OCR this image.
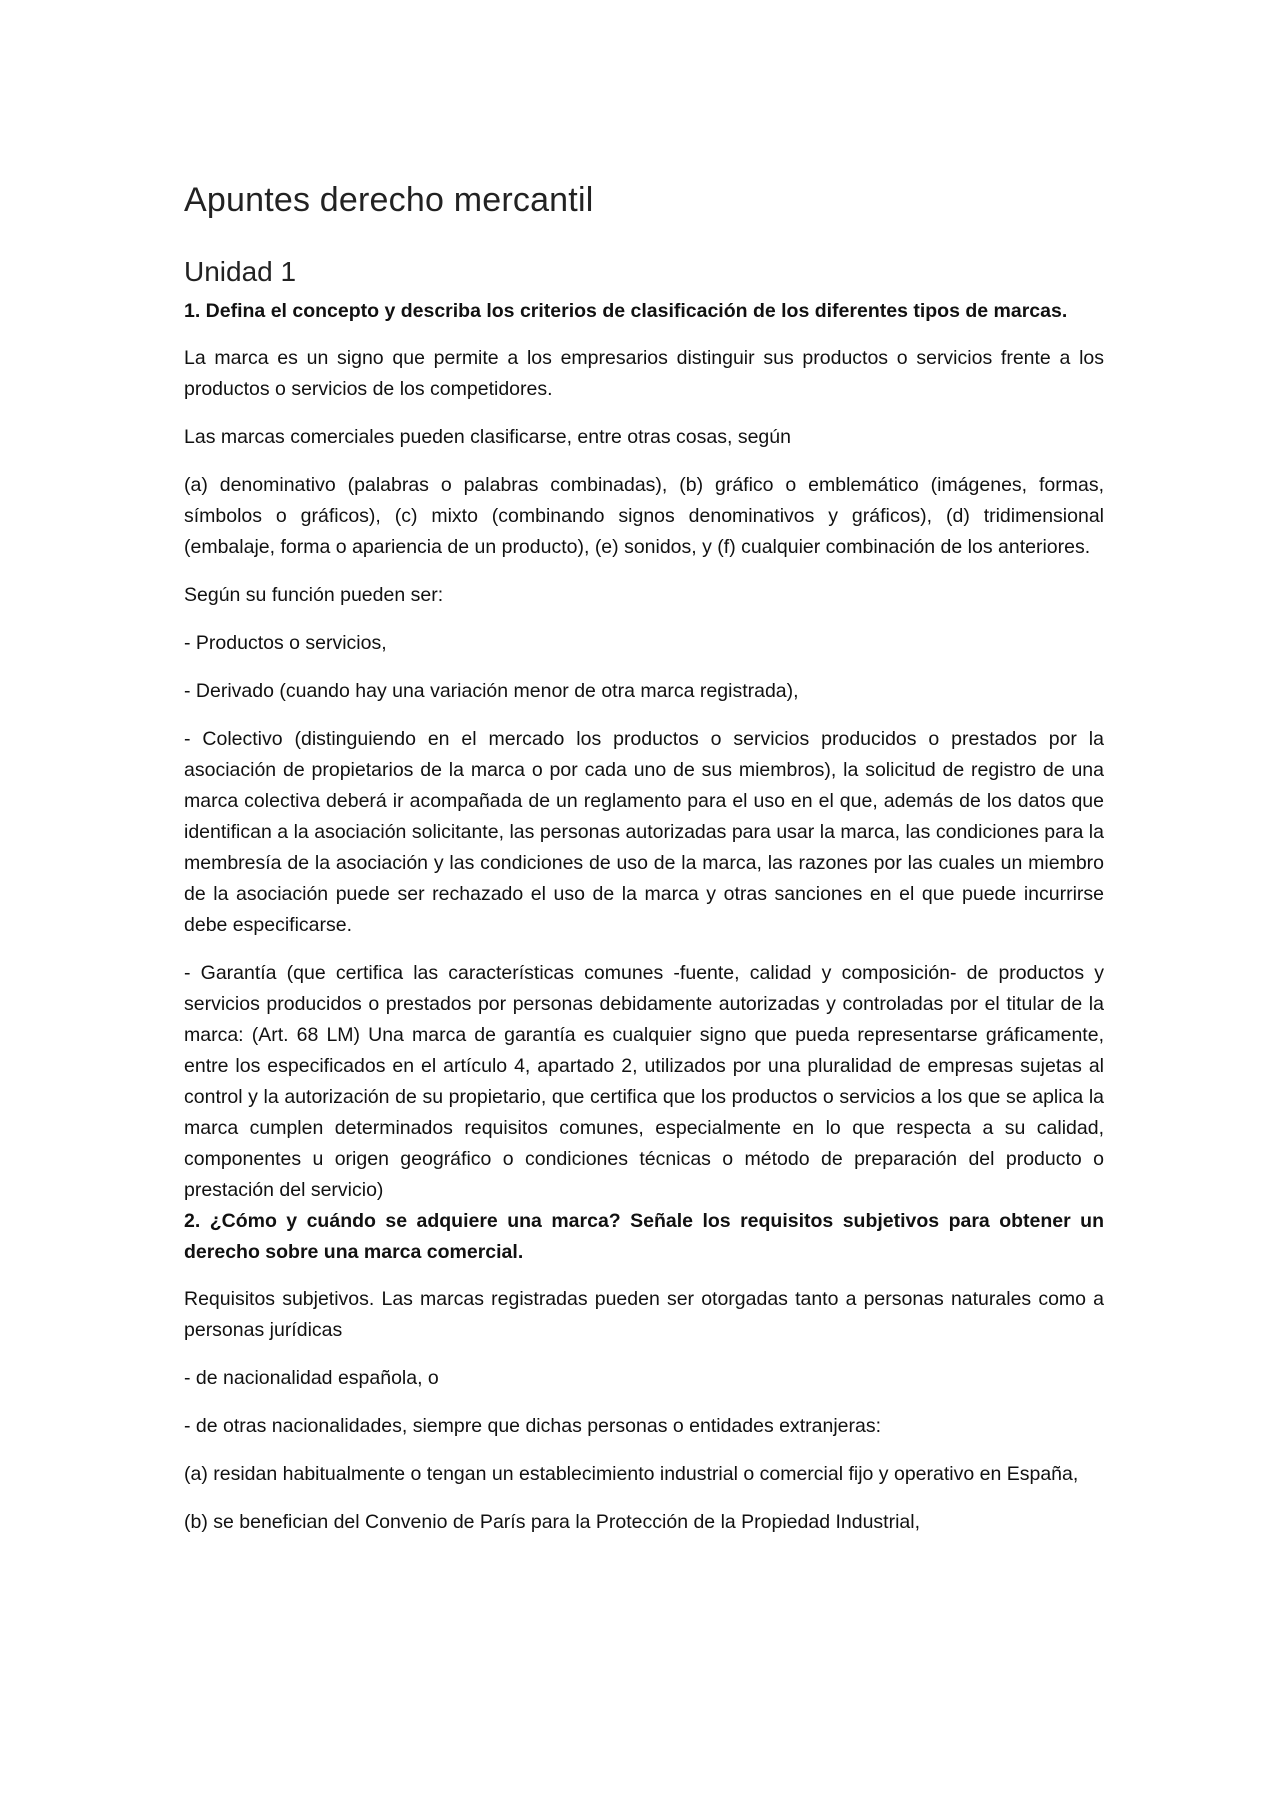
Apuntes derecho mercantil
Unidad 1

1. Defina el concepto y describa los criterios de clasificación de los diferentes tipos de marcas.

La marca es un signo que permite a los empresarios distinguir sus productos o servicios frente a los productos o servicios de los competidores.

Las marcas comerciales pueden clasificarse, entre otras cosas, según

(a) denominativo (palabras o palabras combinadas), (b) gráfico o emblemático (imágenes, formas, símbolos o gráficos), (c) mixto (combinando signos denominativos y gráficos), (d) tridimensional (embalaje, forma o apariencia de un producto), (e) sonidos, y (f) cualquier combinación de los anteriores.

Según su función pueden ser:

- Productos o servicios,

- Derivado (cuando hay una variación menor de otra marca registrada),

- Colectivo (distinguiendo en el mercado los productos o servicios producidos o prestados por la asociación de propietarios de la marca o por cada uno de sus miembros), la solicitud de registro de una marca colectiva deberá ir acompañada de un reglamento para el uso en el que, además de los datos que identifican a la asociación solicitante, las personas autorizadas para usar la marca, las condiciones para la membresía de la asociación y las condiciones de uso de la marca, las razones por las cuales un miembro de la asociación puede ser rechazado el uso de la marca y otras sanciones en el que puede incurrirse debe especificarse.

- Garantía (que certifica las características comunes -fuente, calidad y composición- de productos y servicios producidos o prestados por personas debidamente autorizadas y controladas por el titular de la marca: (Art. 68 LM) Una marca de garantía es cualquier signo que pueda representarse gráficamente, entre los especificados en el artículo 4, apartado 2, utilizados por una pluralidad de empresas sujetas al control y la autorización de su propietario, que certifica que los productos o servicios a los que se aplica la marca cumplen determinados requisitos comunes, especialmente en lo que respecta a su calidad, componentes u origen geográfico o condiciones técnicas o método de preparación del producto o prestación del servicio)

2. ¿Cómo y cuándo se adquiere una marca? Señale los requisitos subjetivos para obtener un derecho sobre una marca comercial.

Requisitos subjetivos. Las marcas registradas pueden ser otorgadas tanto a personas naturales como a personas jurídicas

- de nacionalidad española, o

- de otras nacionalidades, siempre que dichas personas o entidades extranjeras:

(a) residan habitualmente o tengan un establecimiento industrial o comercial fijo y operativo en España,

(b) se benefician del Convenio de París para la Protección de la Propiedad Industrial,
